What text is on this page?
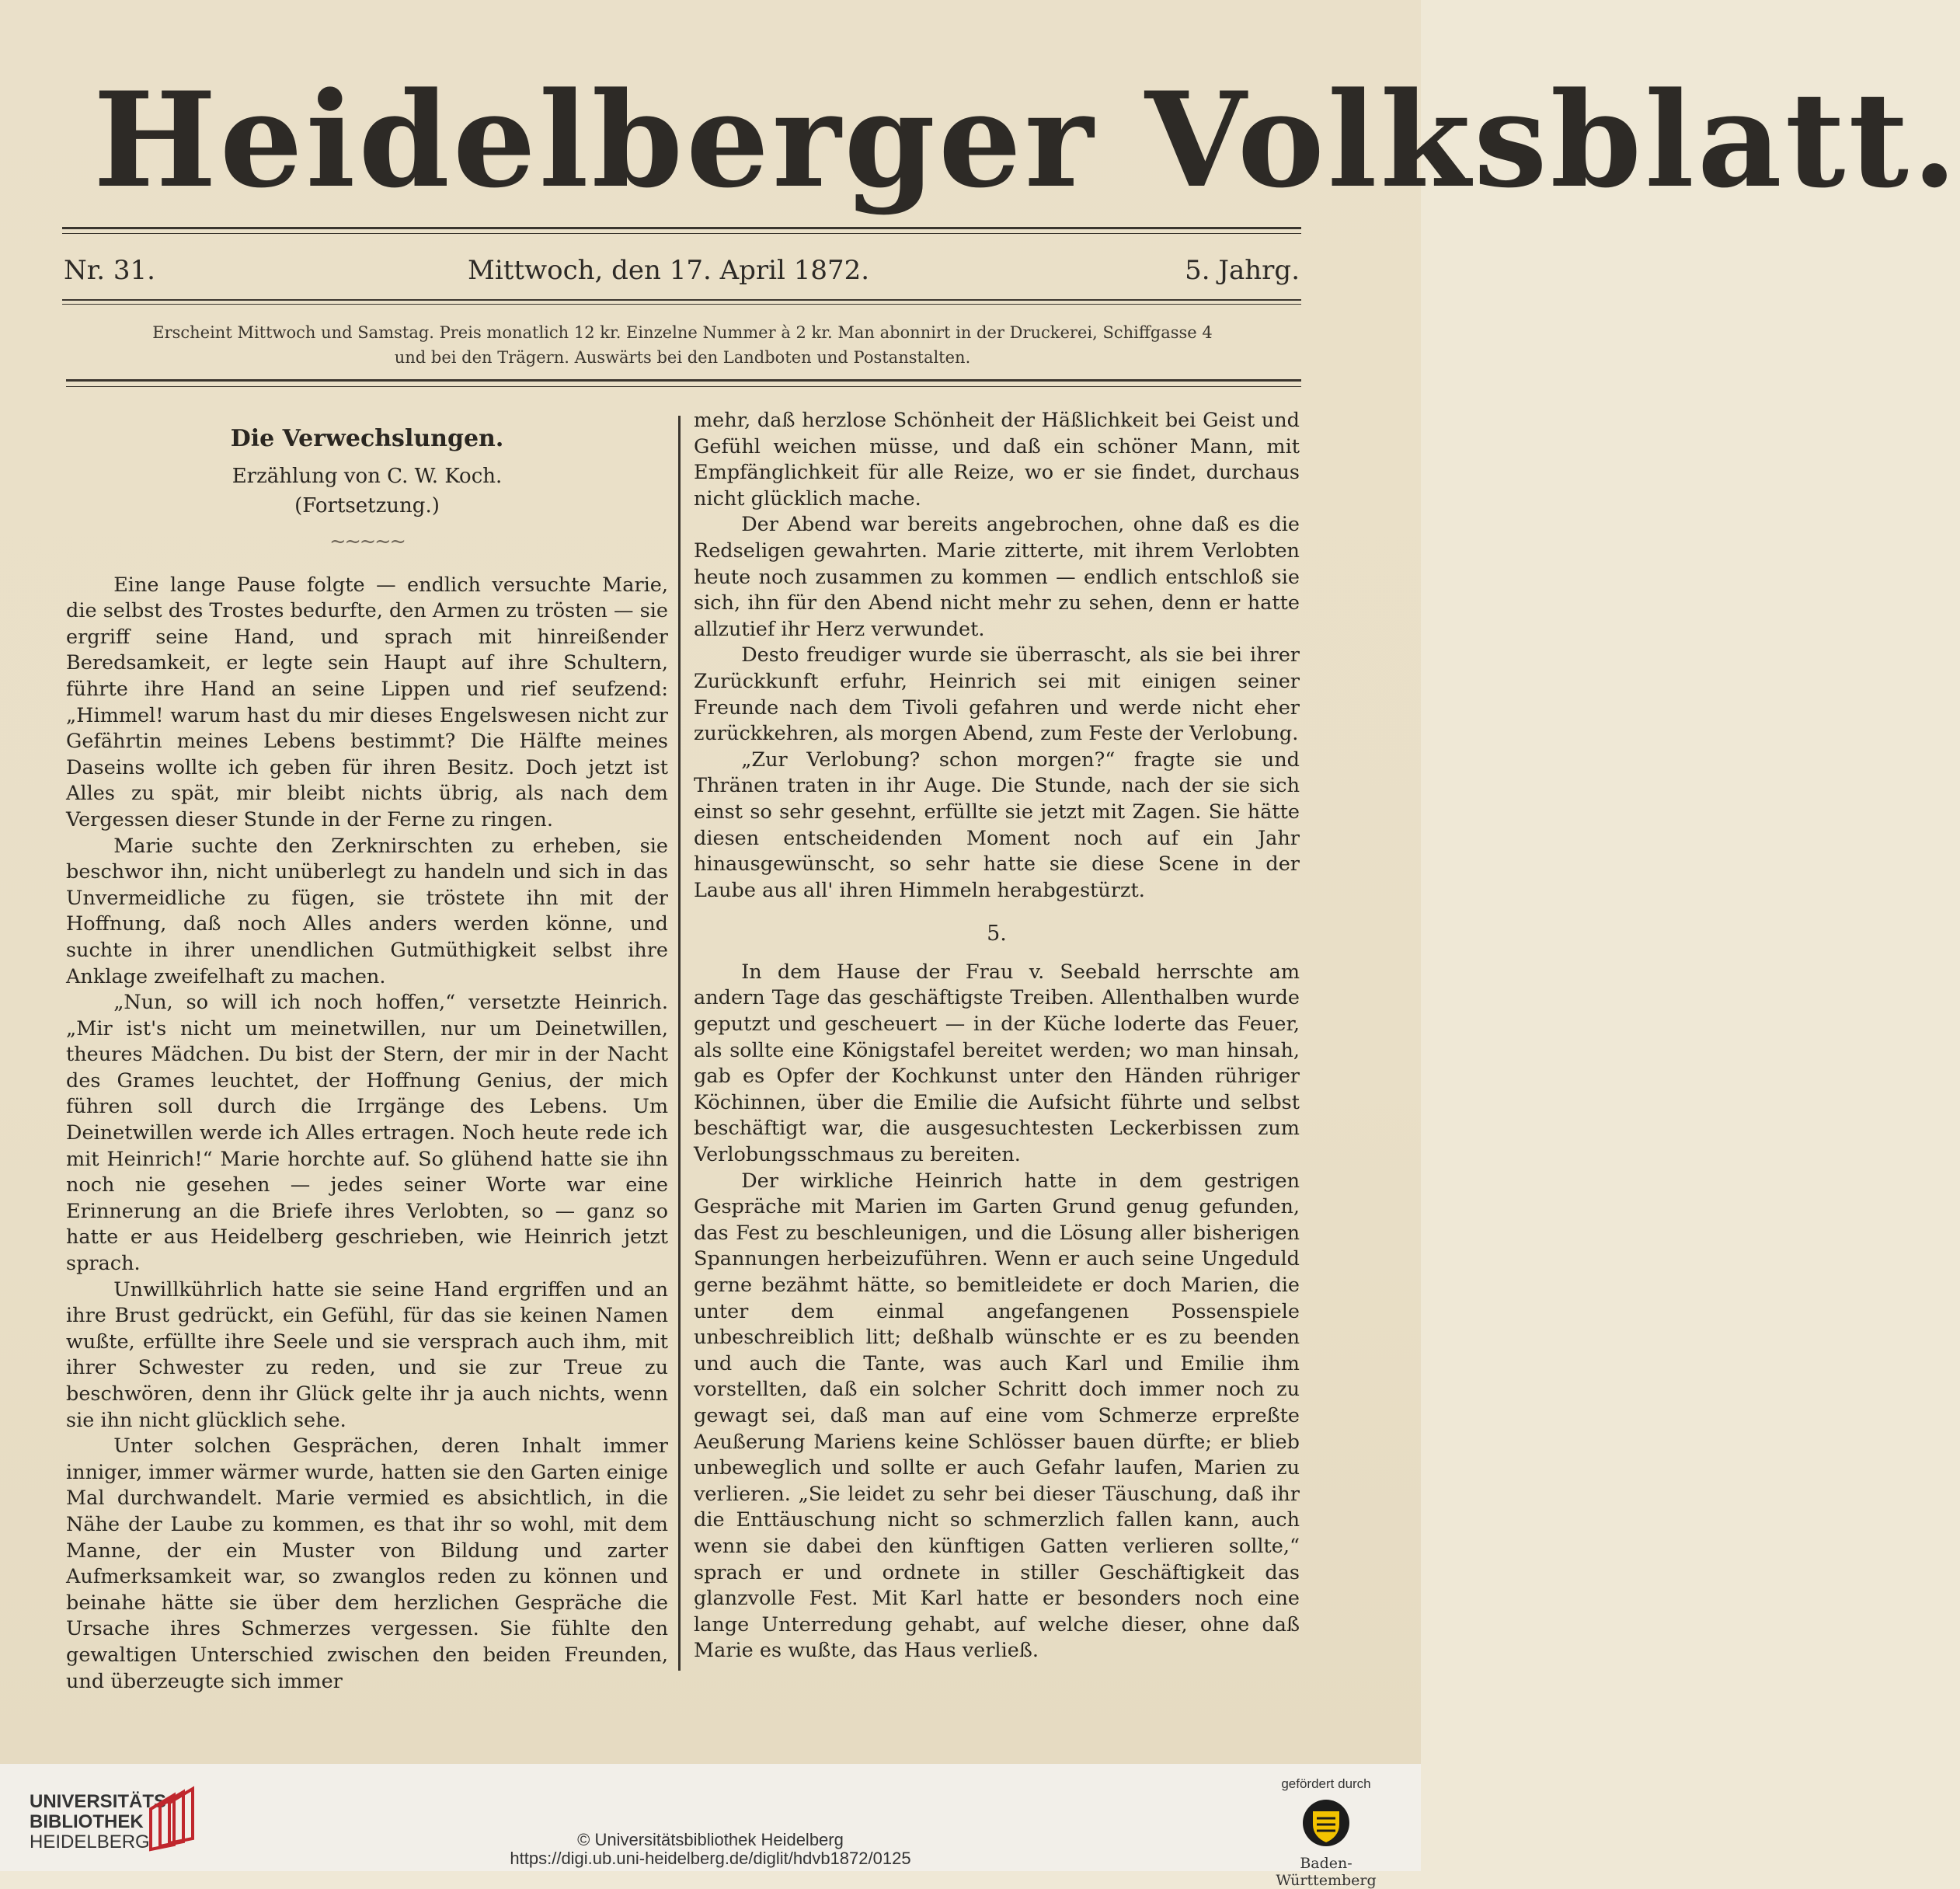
Heidelberger Volksblatt.
Nr. 31.	Mittwoch, den 17. April 1872.	5. Jahrg.
Erscheint Mittwoch und Samstag. Preis monatlich 12 kr. Einzelne Nummer à 2 kr. Man abonnirt in der Druckerei, Schiffgasse 4
und bei den Trägern. Auswärts bei den Landboten und Postanstalten.
Die Verwechslungen.
Erzählung von C. W. Koch.
(Fortsetzung.)
~~~~~

Eine lange Pause folgte — endlich versuchte Marie, die selbst des Trostes bedurfte, den Armen zu trösten — sie ergriff seine Hand, und sprach mit hinreißender Beredsamkeit, er legte sein Haupt auf ihre Schultern, führte ihre Hand an seine Lippen und rief seufzend: „Himmel! warum hast du mir dieses Engelswesen nicht zur Gefährtin meines Lebens bestimmt? Die Hälfte meines Daseins wollte ich geben für ihren Besitz. Doch jetzt ist Alles zu spät, mir bleibt nichts übrig, als nach dem Vergessen dieser Stunde in der Ferne zu ringen.

Marie suchte den Zerknirschten zu erheben, sie beschwor ihn, nicht unüberlegt zu handeln und sich in das Unvermeidliche zu fügen, sie tröstete ihn mit der Hoffnung, daß noch Alles anders werden könne, und suchte in ihrer unendlichen Gutmüthigkeit selbst ihre Anklage zweifelhaft zu machen.

„Nun, so will ich noch hoffen,“ versetzte Heinrich. „Mir ist's nicht um meinetwillen, nur um Deinetwillen, theures Mädchen. Du bist der Stern, der mir in der Nacht des Grames leuchtet, der Hoffnung Genius, der mich führen soll durch die Irrgänge des Lebens. Um Deinetwillen werde ich Alles ertragen. Noch heute rede ich mit Heinrich!“ Marie horchte auf. So glühend hatte sie ihn noch nie gesehen — jedes seiner Worte war eine Erinnerung an die Briefe ihres Verlobten, so — ganz so hatte er aus Heidelberg geschrieben, wie Heinrich jetzt sprach.

Unwillkührlich hatte sie seine Hand ergriffen und an ihre Brust gedrückt, ein Gefühl, für das sie keinen Namen wußte, erfüllte ihre Seele und sie versprach auch ihm, mit ihrer Schwester zu reden, und sie zur Treue zu beschwören, denn ihr Glück gelte ihr ja auch nichts, wenn sie ihn nicht glücklich sehe.

Unter solchen Gesprächen, deren Inhalt immer inniger, immer wärmer wurde, hatten sie den Garten einige Mal durchwandelt. Marie vermied es absichtlich, in die Nähe der Laube zu kommen, es that ihr so wohl, mit dem Manne, der ein Muster von Bildung und zarter Aufmerksamkeit war, so zwanglos reden zu können und beinahe hätte sie über dem herzlichen Gespräche die Ursache ihres Schmerzes vergessen. Sie fühlte den gewaltigen Unterschied zwischen den beiden Freunden, und überzeugte sich immer

mehr, daß herzlose Schönheit der Häßlichkeit bei Geist und Gefühl weichen müsse, und daß ein schöner Mann, mit Empfänglichkeit für alle Reize, wo er sie findet, durchaus nicht glücklich mache.

Der Abend war bereits angebrochen, ohne daß es die Redseligen gewahrten. Marie zitterte, mit ihrem Verlobten heute noch zusammen zu kommen — endlich entschloß sie sich, ihn für den Abend nicht mehr zu sehen, denn er hatte allzutief ihr Herz verwundet.

Desto freudiger wurde sie überrascht, als sie bei ihrer Zurückkunft erfuhr, Heinrich sei mit einigen seiner Freunde nach dem Tivoli gefahren und werde nicht eher zurückkehren, als morgen Abend, zum Feste der Verlobung.

„Zur Verlobung? schon morgen?“ fragte sie und Thränen traten in ihr Auge. Die Stunde, nach der sie sich einst so sehr gesehnt, erfüllte sie jetzt mit Zagen. Sie hätte diesen entscheidenden Moment noch auf ein Jahr hinausgewünscht, so sehr hatte sie diese Scene in der Laube aus all' ihren Himmeln herabgestürzt.

5.

In dem Hause der Frau v. Seebald herrschte am andern Tage das geschäftigste Treiben. Allenthalben wurde geputzt und gescheuert — in der Küche loderte das Feuer, als sollte eine Königstafel bereitet werden; wo man hinsah, gab es Opfer der Kochkunst unter den Händen rühriger Köchinnen, über die Emilie die Aufsicht führte und selbst beschäftigt war, die ausgesuchtesten Leckerbissen zum Verlobungsschmaus zu bereiten.

Der wirkliche Heinrich hatte in dem gestrigen Gespräche mit Marien im Garten Grund genug gefunden, das Fest zu beschleunigen, und die Lösung aller bisherigen Spannungen herbeizuführen. Wenn er auch seine Ungeduld gerne bezähmt hätte, so bemitleidete er doch Marien, die unter dem einmal angefangenen Possenspiele unbeschreiblich litt; deßhalb wünschte er es zu beenden und auch die Tante, was auch Karl und Emilie ihm vorstellten, daß ein solcher Schritt doch immer noch zu gewagt sei, daß man auf eine vom Schmerze erpreßte Aeußerung Mariens keine Schlösser bauen dürfte; er blieb unbeweglich und sollte er auch Gefahr laufen, Marien zu verlieren. „Sie leidet zu sehr bei dieser Täuschung, daß ihr die Enttäuschung nicht so schmerzlich fallen kann, auch wenn sie dabei den künftigen Gatten verlieren sollte,“ sprach er und ordnete in stiller Geschäftigkeit das glanzvolle Fest. Mit Karl hatte er besonders noch eine lange Unterredung gehabt, auf welche dieser, ohne daß Marie es wußte, das Haus verließ.

UNIVERSITÄTS-
BIBLIOTHEK
HEIDELBERG	© Universitätsbibliothek Heidelberg
https://digi.ub.uni-heidelberg.de/diglit/hdvb1872/0125
gefördert durch
Baden-Württemberg
